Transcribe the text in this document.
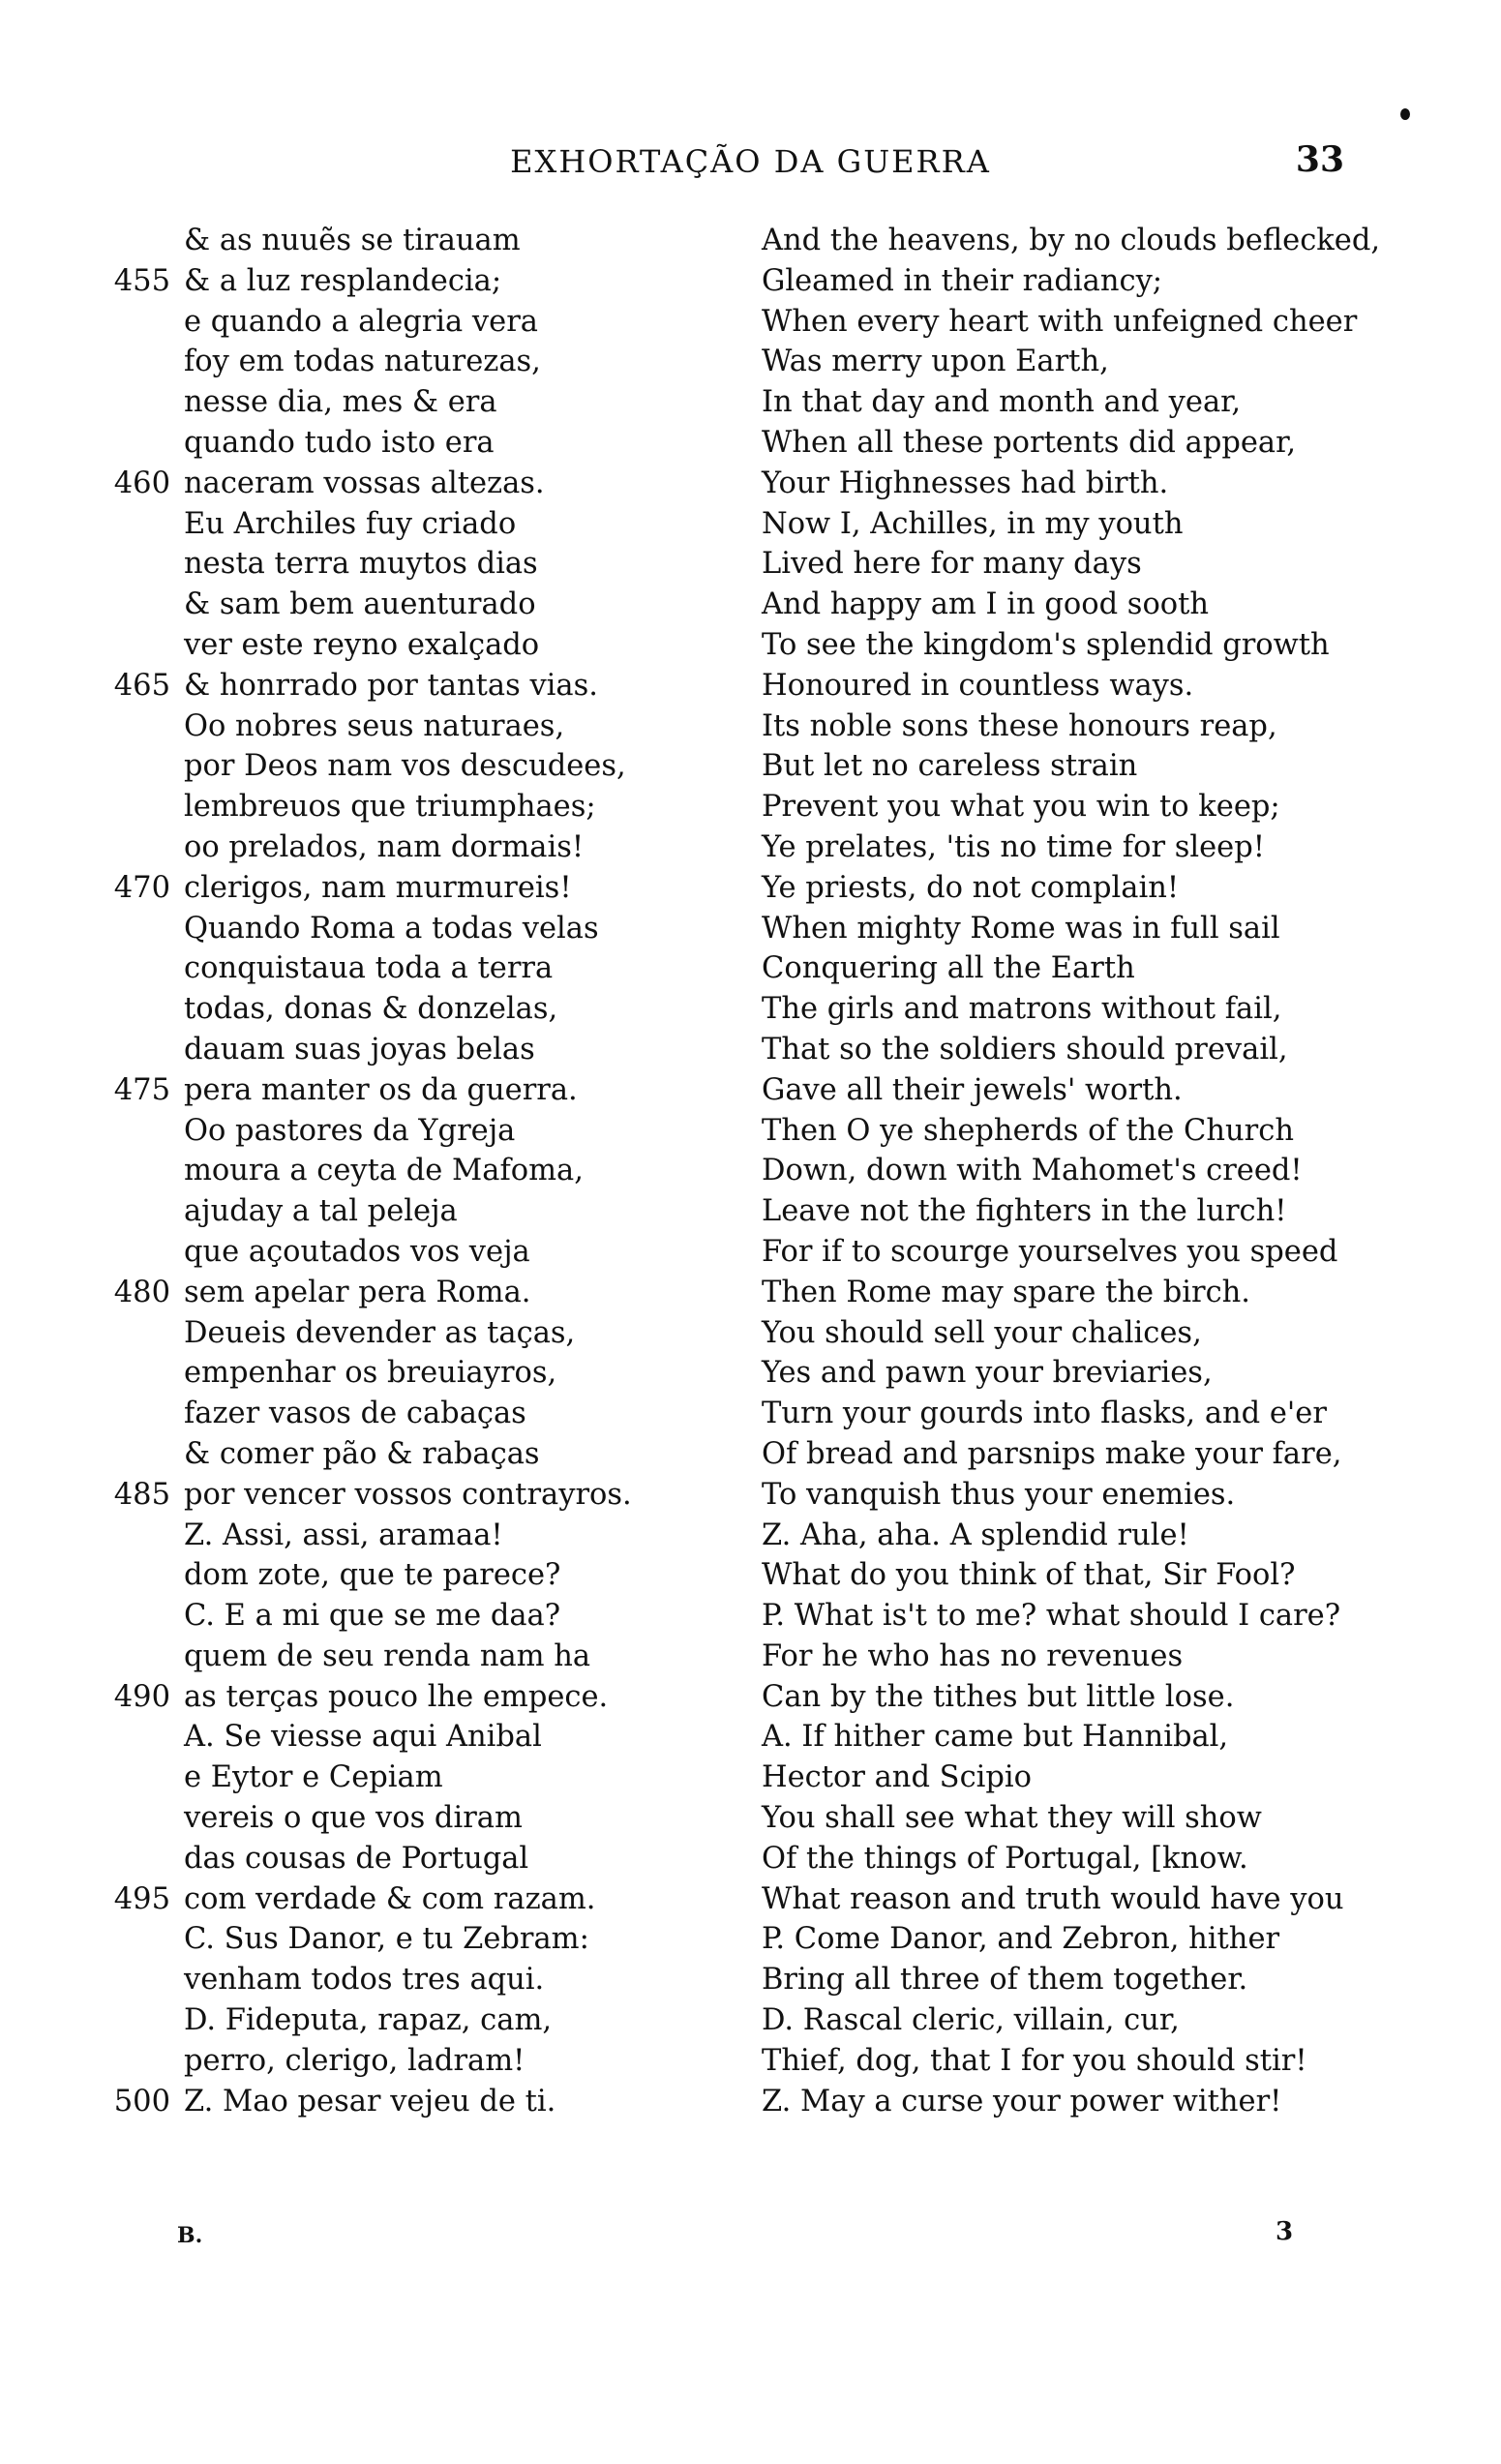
EXHORTAÇÃO DA GUERRA	33
& as nuuẽs se tirauam
455 & a luz resplandecia;
e quando a alegria vera
foy em todas naturezas,
nesse dia, mes & era
quando tudo isto era
460 naceram vossas altezas.
Eu Archiles fuy criado
nesta terra muytos dias
& sam bem auenturado
ver este reyno exalçado
465 & honrrado por tantas vias.
Oo nobres seus naturaes,
por Deos nam vos descudees,
lembreuos que triumphaes;
oo prelados, nam dormais!
470 clerigos, nam murmureis!
Quando Roma a todas velas
conquistaua toda a terra
todas, donas & donzelas,
dauam suas joyas belas
475 pera manter os da guerra.
Oo pastores da Ygreja
moura a ceyta de Mafoma,
ajuday a tal peleja
que açoutados vos veja
480 sem apelar pera Roma.
Deueis devender as taças,
empenhar os breuiayros,
fazer vasos de cabaças
& comer pão & rabaças
485 por vencer vossos contrayros.
Z. Assi, assi, aramaa!
dom zote, que te parece?
C. E a mi que se me daa?
quem de seu renda nam ha
490 as terças pouco lhe empece.
A. Se viesse aqui Anibal
e Eytor e Cepiam
vereis o que vos diram
das cousas de Portugal
495 com verdade & com razam.
C. Sus Danor, e tu Zebram:
venham todos tres aqui.
D. Fideputa, rapaz, cam,
perro, clerigo, ladram!
500 Z. Mao pesar vejeu de ti.
And the heavens, by no clouds beflecked,
Gleamed in their radiancy;
When every heart with unfeigned cheer
Was merry upon Earth,
In that day and month and year,
When all these portents did appear,
Your Highnesses had birth.
Now I, Achilles, in my youth
Lived here for many days
And happy am I in good sooth
To see the kingdom's splendid growth
Honoured in countless ways.
Its noble sons these honours reap,
But let no careless strain
Prevent you what you win to keep;
Ye prelates, 'tis no time for sleep!
Ye priests, do not complain!
When mighty Rome was in full sail
Conquering all the Earth
The girls and matrons without fail,
That so the soldiers should prevail,
Gave all their jewels' worth.
Then O ye shepherds of the Church
Down, down with Mahomet's creed!
Leave not the fighters in the lurch!
For if to scourge yourselves you speed
Then Rome may spare the birch.
You should sell your chalices,
Yes and pawn your breviaries,
Turn your gourds into flasks, and e'er
Of bread and parsnips make your fare,
To vanquish thus your enemies.
Z. Aha, aha. A splendid rule!
What do you think of that, Sir Fool?
P. What is't to me? what should I care?
For he who has no revenues
Can by the tithes but little lose.
A. If hither came but Hannibal,
Hector and Scipio
You shall see what they will show
Of the things of Portugal, [know.
What reason and truth would have you
P. Come Danor, and Zebron, hither
Bring all three of them together.
D. Rascal cleric, villain, cur,
Thief, dog, that I for you should stir!
Z. May a curse your power wither!
B.	3
